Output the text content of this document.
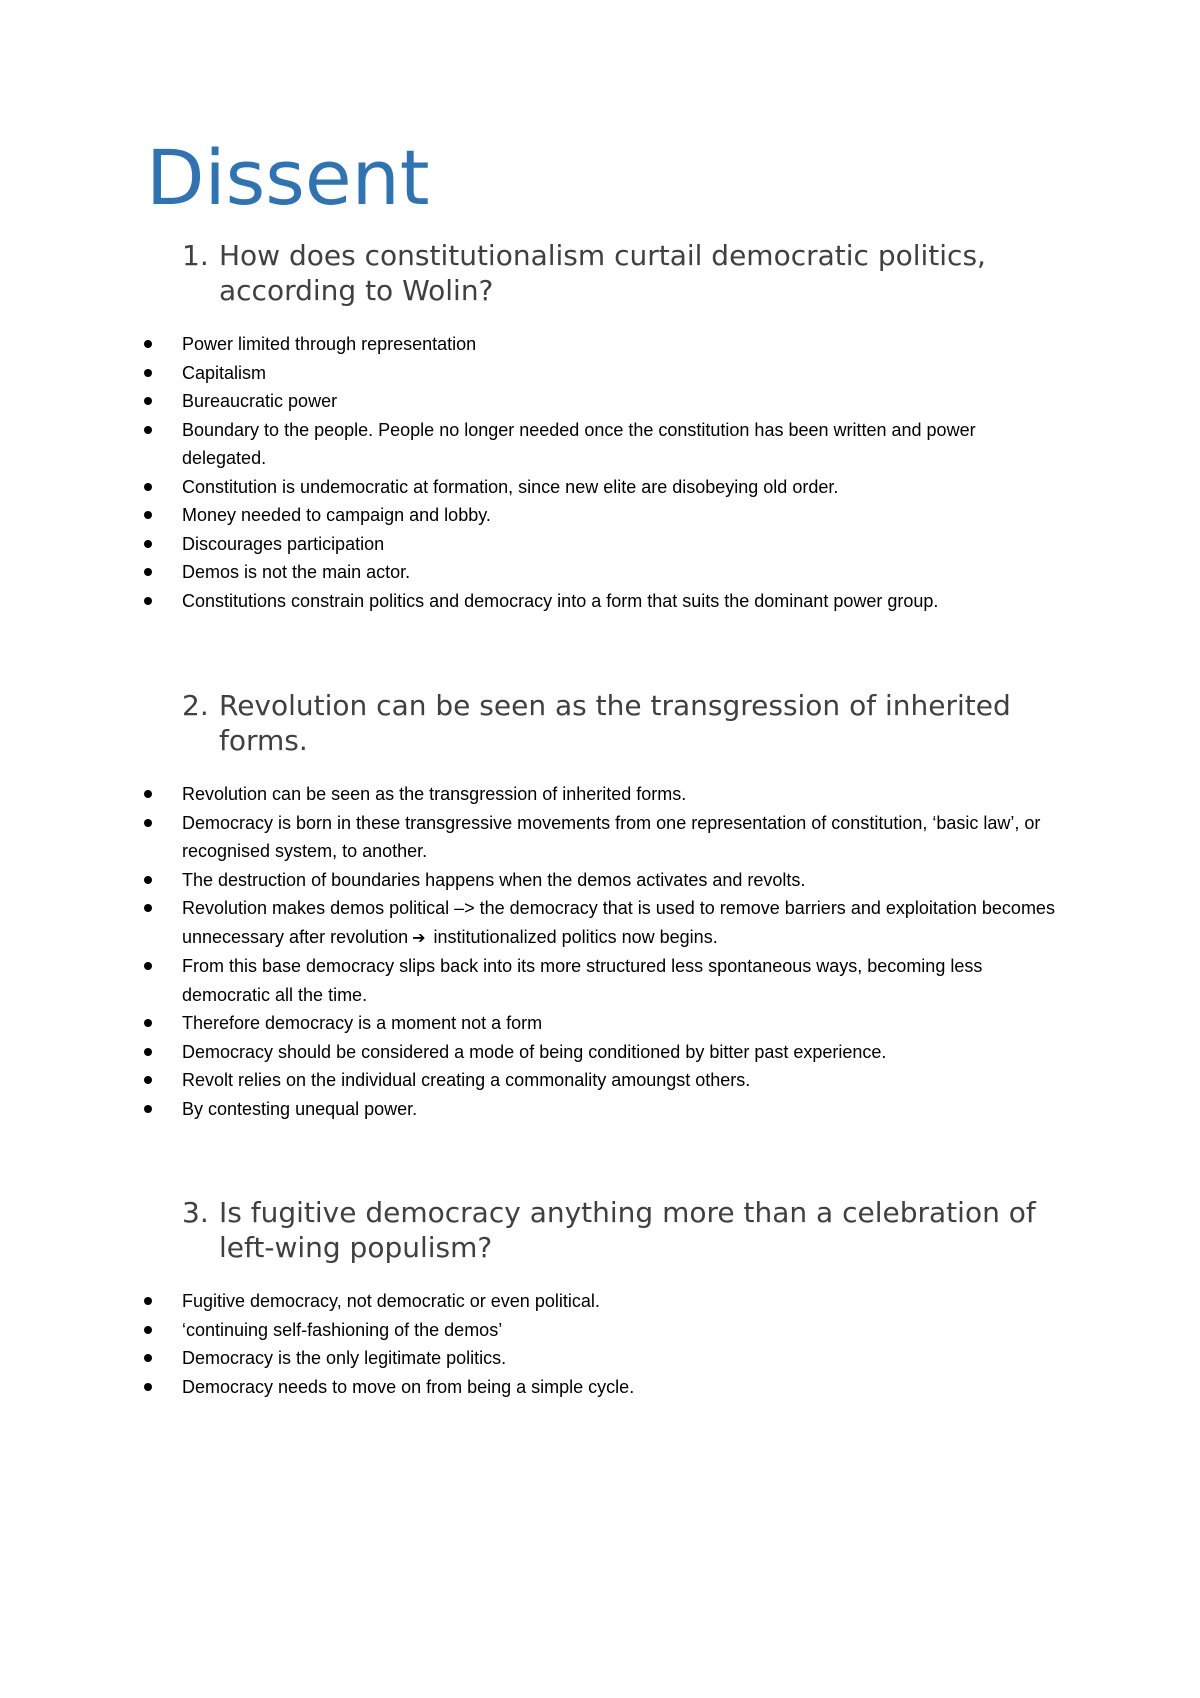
Dissent
1. How does constitutionalism curtail democratic politics, according to Wolin?
Power limited through representation
Capitalism
Bureaucratic power
Boundary to the people. People no longer needed once the constitution has been written and power delegated.
Constitution is undemocratic at formation, since new elite are disobeying old order.
Money needed to campaign and lobby.
Discourages participation
Demos is not the main actor.
Constitutions constrain politics and democracy into a form that suits the dominant power group.
2. Revolution can be seen as the transgression of inherited forms.
Revolution can be seen as the transgression of inherited forms.
Democracy is born in these transgressive movements from one representation of constitution, ‘basic law’, or recognised system, to another.
The destruction of boundaries happens when the demos activates and revolts.
Revolution makes demos political –> the democracy that is used to remove barriers and exploitation becomes unnecessary after revolution ➔ institutionalized politics now begins.
From this base democracy slips back into its more structured less spontaneous ways, becoming less democratic all the time.
Therefore democracy is a moment not a form
Democracy should be considered a mode of being conditioned by bitter past experience.
Revolt relies on the individual creating a commonality amoungst others.
By contesting unequal power.
3. Is fugitive democracy anything more than a celebration of left-wing populism?
Fugitive democracy, not democratic or even political.
‘continuing self-fashioning of the demos’
Democracy is the only legitimate politics.
Democracy needs to move on from being a simple cycle.
